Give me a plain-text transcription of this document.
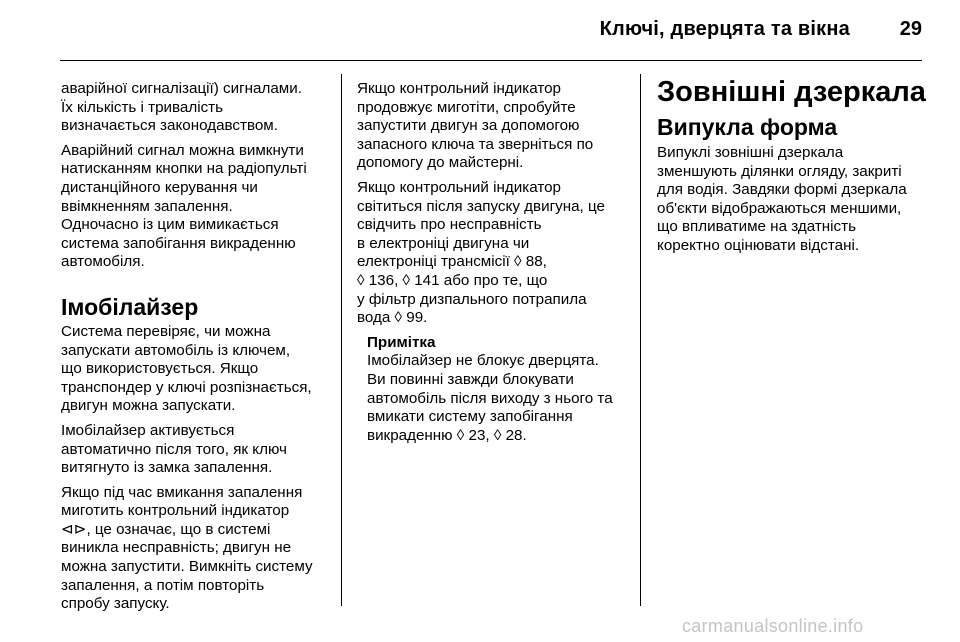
Ключі, дверцята та вікна	29

аварійної сигналізації) сигналами.
Їх кількість і тривалість
визначається законодавством.

Аварійний сигнал можна вимкнути
натисканням кнопки на радіопульті
дистанційного керування чи
ввімкненням запалення.
Одночасно із цим вимикається
система запобігання викраденню
автомобіля.

Імобілайзер

Система перевіряє, чи можна
запускати автомобіль із ключем,
що використовується. Якщо
транспондер у ключі розпізнається,
двигун можна запускати.

Імобілайзер активується
автоматично після того, як ключ
витягнуто із замка запалення.

Якщо під час вмикання запалення
миготить контрольний індикатор
⊲⊳, це означає, що в системі
виникла несправність; двигун не
можна запустити. Вимкніть систему
запалення, а потім повторіть
спробу запуску.

Якщо контрольний індикатор
продовжує миготіти, спробуйте
запустити двигун за допомогою
запасного ключа та зверніться по
допомогу до майстерні.

Якщо контрольний індикатор
світиться після запуску двигуна, це
свідчить про несправність
в електроніці двигуна чи
електроніці трансмісії ◊ 88,
◊ 136, ◊ 141 або про те, що
у фільтр дизпального потрапила
вода ◊ 99.

Примітка
Імобілайзер не блокує дверцята.
Ви повинні завжди блокувати
автомобіль після виходу з нього та
вмикати систему запобігання
викраденню ◊ 23, ◊ 28.

Зовнішні дзеркала
Випукла форма

Випуклі зовнішні дзеркала
зменшують ділянки огляду, закриті
для водія. Завдяки формі дзеркала
об'єкти відображаються меншими,
що впливатиме на здатність
коректно оцінювати відстані.

carmanualsonline.info
